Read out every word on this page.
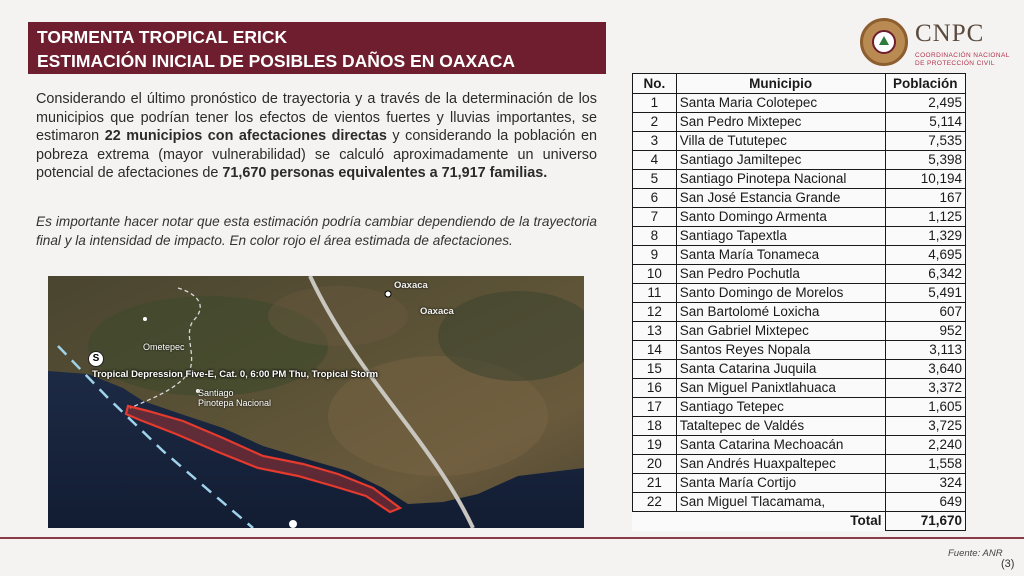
TORMENTA TROPICAL ERICK
ESTIMACIÓN INICIAL DE POSIBLES DAÑOS EN OAXACA
CNPC
COORDINACIÓN NACIONAL
DE PROTECCIÓN CIVIL
Considerando el último pronóstico de trayectoria y a través de la determinación de los municipios que podrían tener los efectos de vientos fuertes y lluvias importantes, se estimaron 22 municipios con afectaciones directas y considerando la población en pobreza extrema (mayor vulnerabilidad) se calculó aproximadamente un universo potencial de afectaciones de 71,670 personas equivalentes a 71,917 familias.
Es importante hacer notar que esta estimación podría cambiar dependiendo de la trayectoria final y la intensidad de impacto. En color rojo el área estimada de afectaciones.
Oaxaca
Oaxaca
Ometepec
S
Tropical Depression Five-E, Cat. 0, 6:00 PM Thu, Tropical Storm
Santiago
Pinotepa Nacional
No.	Municipio	Población
1	Santa Maria Colotepec	2,495
2	San Pedro Mixtepec	5,114
3	Villa de Tututepec	7,535
4	Santiago Jamiltepec	5,398
5	Santiago Pinotepa Nacional	10,194
6	San José Estancia Grande	167
7	Santo Domingo Armenta	1,125
8	Santiago Tapextla	1,329
9	Santa María Tonameca	4,695
10	San Pedro Pochutla	6,342
11	Santo Domingo de Morelos	5,491
12	San Bartolomé Loxicha	607
13	San Gabriel Mixtepec	952
14	Santos Reyes Nopala	3,113
15	Santa Catarina Juquila	3,640
16	San Miguel Panixtlahuaca	3,372
17	Santiago Tetepec	1,605
18	Tataltepec de Valdés	3,725
19	Santa Catarina Mechoacán	2,240
20	San Andrés Huaxpaltepec	1,558
21	Santa María Cortijo	324
22	San Miguel Tlacamama,	649
Total		71,670
Fuente: ANR
(3)
